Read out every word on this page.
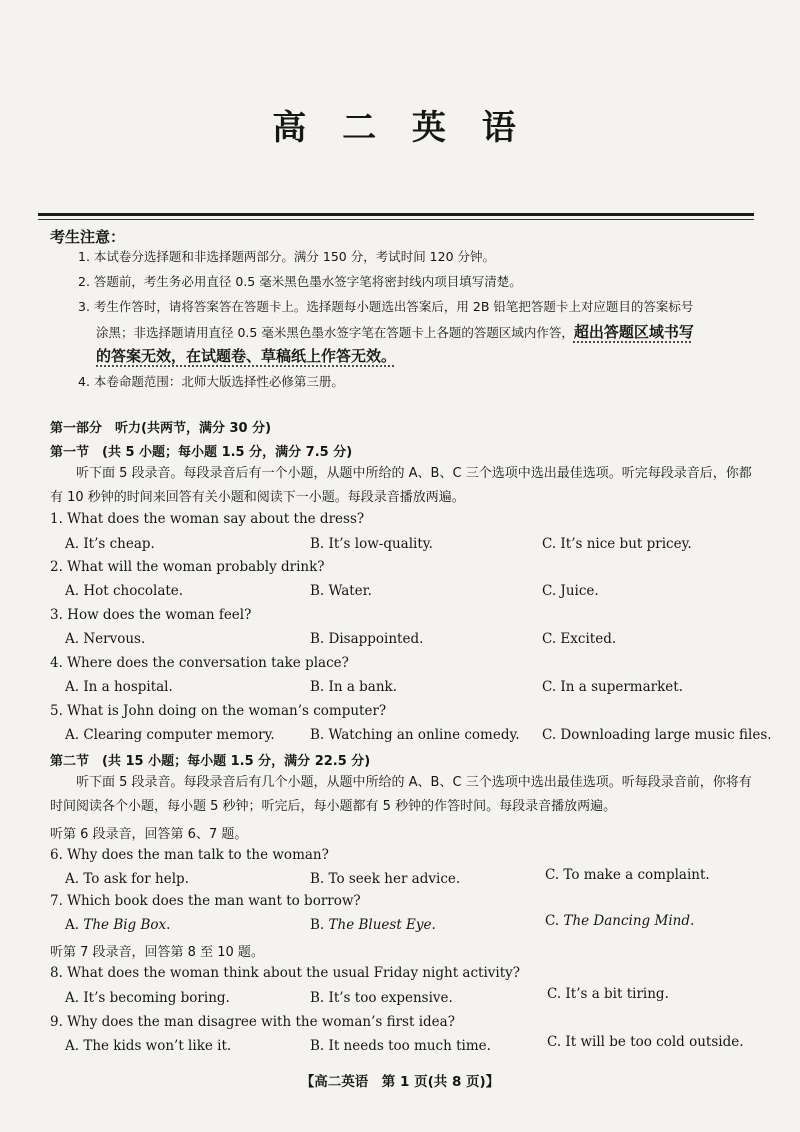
高 二 英 语
考生注意：
1. 本试卷分选择题和非选择题两部分。满分 150 分，考试时间 120 分钟。
2. 答题前，考生务必用直径 0.5 毫米黑色墨水签字笔将密封线内项目填写清楚。
3. 考生作答时，请将答案答在答题卡上。选择题每小题选出答案后，用 2B 铅笔把答题卡上对应题目的答案标号
涂黑；非选择题请用直径 0.5 毫米黑色墨水签字笔在答题卡上各题的答题区域内作答，超出答题区域书写
的答案无效，在试题卷、草稿纸上作答无效。
4. 本卷命题范围：北师大版选择性必修第三册。
第一部分　听力(共两节，满分 30 分)
第一节　(共 5 小题；每小题 1.5 分，满分 7.5 分)
听下面 5 段录音。每段录音后有一个小题，从题中所给的 A、B、C 三个选项中选出最佳选项。听完每段录音后，你都有 10 秒钟的时间来回答有关小题和阅读下一小题。每段录音播放两遍。
1. What does the woman say about the dress?
A. It’s cheap.	B. It’s low-quality.	C. It’s nice but pricey.
2. What will the woman probably drink?
A. Hot chocolate.	B. Water.	C. Juice.
3. How does the woman feel?
A. Nervous.	B. Disappointed.	C. Excited.
4. Where does the conversation take place?
A. In a hospital.	B. In a bank.	C. In a supermarket.
5. What is John doing on the woman’s computer?
A. Clearing computer memory.	B. Watching an online comedy. C. Downloading large music files.
第二节　(共 15 小题；每小题 1.5 分，满分 22.5 分)
听下面 5 段录音。每段录音后有几个小题，从题中所给的 A、B、C 三个选项中选出最佳选项。听每段录音前，你将有时间阅读各个小题，每小题 5 秒钟；听完后，每小题都有 5 秒钟的作答时间。每段录音播放两遍。
听第 6 段录音，回答第 6、7 题。
6. Why does the man talk to the woman?
A. To ask for help.	B. To seek her advice.	C. To make a complaint.
7. Which book does the man want to borrow?
A. The Big Box.	B. The Bluest Eye.	C. The Dancing Mind.
听第 7 段录音，回答第 8 至 10 题。
8. What does the woman think about the usual Friday night activity?
A. It’s becoming boring.	B. It’s too expensive.	C. It’s a bit tiring.
9. Why does the man disagree with the woman’s first idea?
A. The kids won’t like it.	B. It needs too much time.	C. It will be too cold outside.
【高二英语　第 1 页(共 8 页)】
